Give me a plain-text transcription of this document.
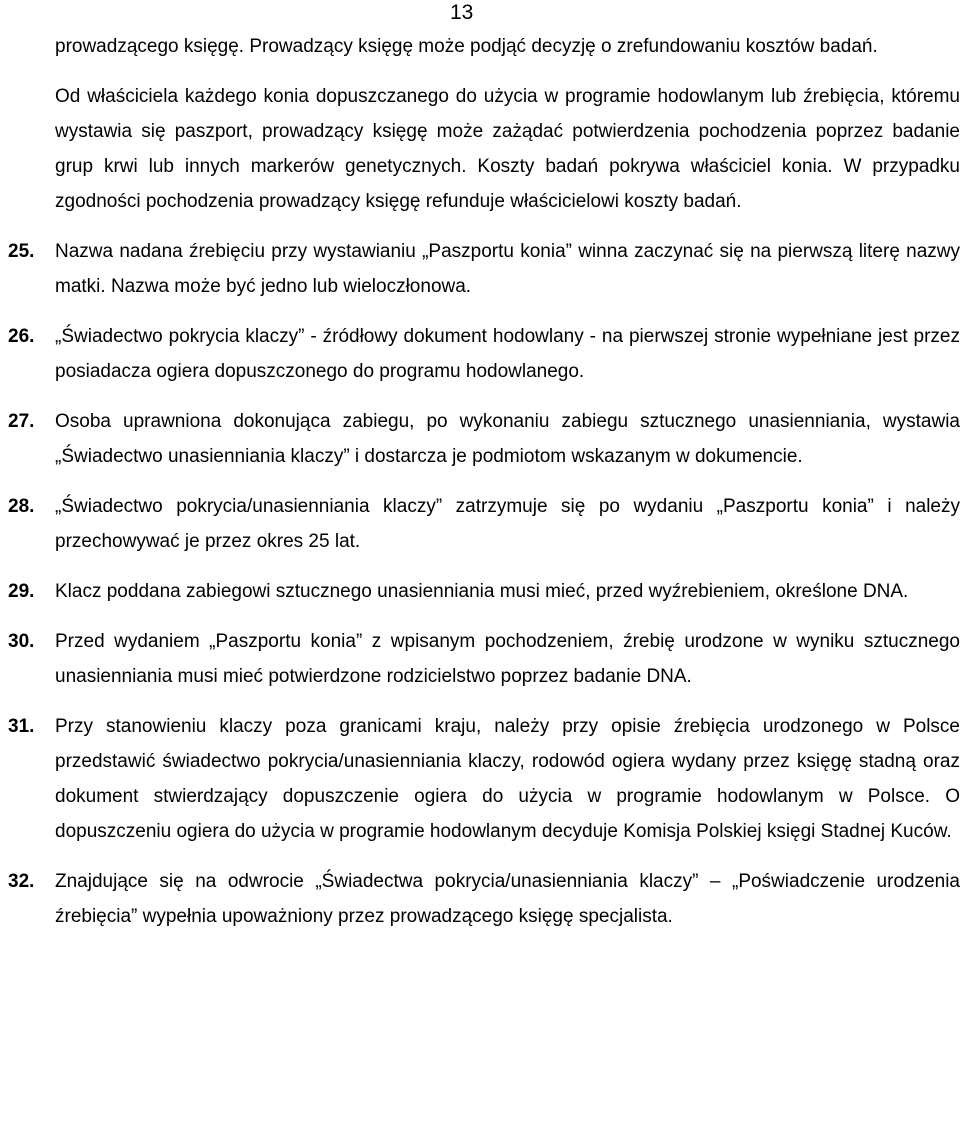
13

prowadzącego księgę. Prowadzący księgę może podjąć decyzję o zrefundowaniu kosztów badań.

Od właściciela każdego konia dopuszczanego do użycia w programie hodowlanym lub źrebięcia, któremu wystawia się paszport, prowadzący księgę może zażądać potwierdzenia pochodzenia poprzez badanie grup krwi lub innych markerów genetycznych. Koszty badań pokrywa właściciel konia. W przypadku zgodności pochodzenia prowadzący księgę refunduje właścicielowi koszty badań.

25. Nazwa nadana źrebięciu przy wystawianiu „Paszportu konia” winna zaczynać się na pierwszą literę nazwy matki. Nazwa może być jedno lub wieloczłonowa.

26. „Świadectwo pokrycia klaczy” - źródłowy dokument hodowlany - na pierwszej stronie wypełniane jest przez posiadacza ogiera dopuszczonego do programu hodowlanego.

27. Osoba uprawniona dokonująca zabiegu, po wykonaniu zabiegu sztucznego unasienniania, wystawia „Świadectwo unasienniania klaczy” i dostarcza je podmiotom wskazanym w dokumencie.

28. „Świadectwo pokrycia/unasienniania klaczy” zatrzymuje się po wydaniu „Paszportu konia” i należy przechowywać je przez okres 25 lat.

29. Klacz poddana zabiegowi sztucznego unasienniania musi mieć, przed wyźrebieniem, określone DNA.

30. Przed wydaniem „Paszportu konia” z wpisanym pochodzeniem, źrebię urodzone w wyniku sztucznego unasienniania musi mieć potwierdzone rodzicielstwo poprzez badanie DNA.

31. Przy stanowieniu klaczy poza granicami kraju, należy przy opisie źrebięcia urodzonego w Polsce przedstawić świadectwo pokrycia/unasienniania klaczy, rodowód ogiera wydany przez księgę stadną oraz dokument stwierdzający dopuszczenie ogiera do użycia w programie hodowlanym w Polsce. O dopuszczeniu ogiera do użycia w programie hodowlanym decyduje Komisja Polskiej księgi Stadnej Kuców.

32. Znajdujące się na odwrocie „Świadectwa pokrycia/unasienniania klaczy” – „Poświadczenie urodzenia źrebięcia” wypełnia upoważniony przez prowadzącego księgę specjalista.
